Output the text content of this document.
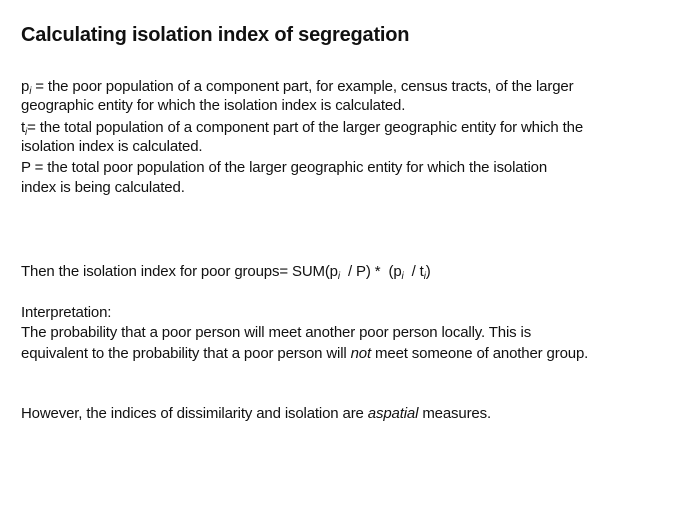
Calculating isolation index of segregation
$p_i$ = the poor population of a component part, for example, census tracts, of the larger
geographic entity for which the isolation index is calculated.
$t_i=$ the total population of a component part of the larger geographic entity for which the
isolation index is calculated.
P = the total poor population of the larger geographic entity for which the isolation
index is being calculated.
Then the isolation index for poor groups= $SUM(p_i / P) * (p_i / t_i)$
Interpretation:
The probability that a poor person will meet another poor person locally. This is
equivalent to the probability that a poor person will not meet someone of another group.
However, the indices of dissimilarity and isolation are aspatial measures.
